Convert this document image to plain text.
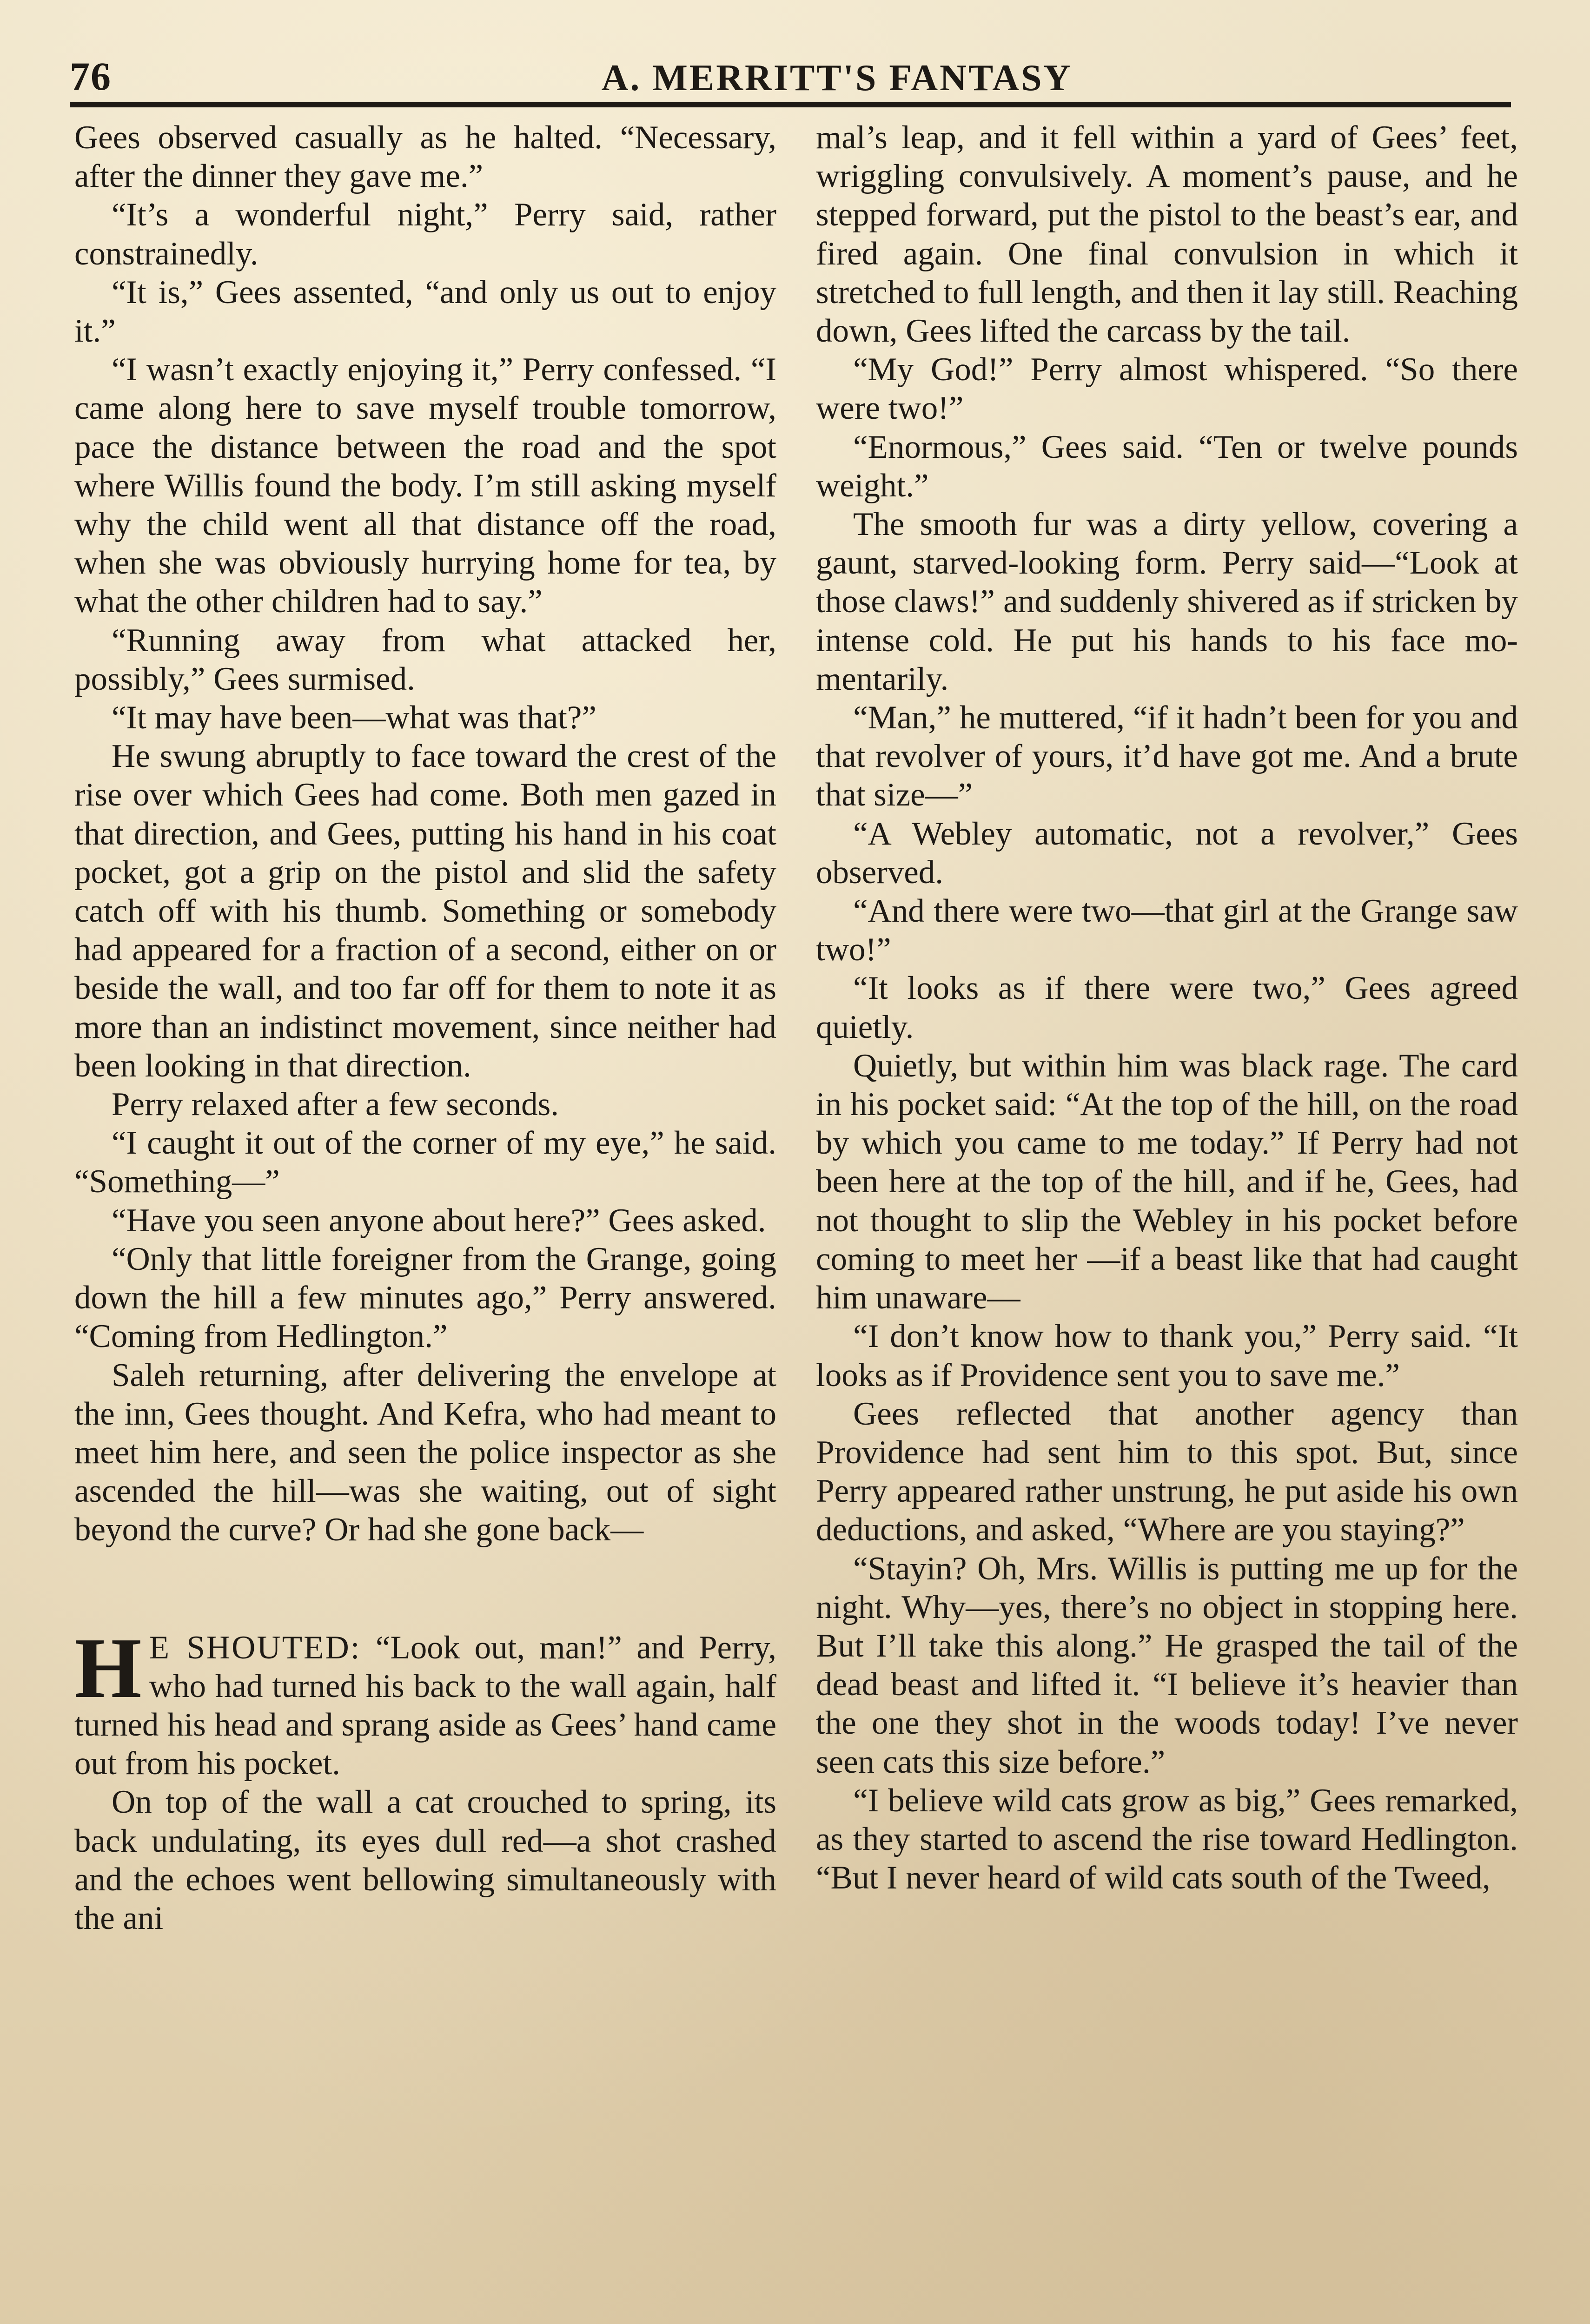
76	A. MERRITT'S FANTASY

Gees observed casually as he halted. “Necessary, after the dinner they gave me.”

“It’s a wonderful night,” Perry said, rather constrainedly.

“It is,” Gees assented, “and only us out to enjoy it.”

“I wasn’t exactly enjoying it,” Perry confessed. “I came along here to save myself trouble tomorrow, pace the distance between the road and the spot where Willis found the body. I’m still asking myself why the child went all that distance off the road, when she was obviously hurrying home for tea, by what the other children had to say.”

“Running away from what attacked her, possibly,” Gees surmised.

“It may have been—what was that?”

He swung abruptly to face toward the crest of the rise over which Gees had come. Both men gazed in that direction, and Gees, putting his hand in his coat pocket, got a grip on the pistol and slid the safety catch off with his thumb. Something or somebody had appeared for a fraction of a second, either on or beside the wall, and too far off for them to note it as more than an indistinct movement, since neither had been looking in that direction.

Perry relaxed after a few seconds.

“I caught it out of the corner of my eye,” he said. “Something—”

“Have you seen anyone about here?” Gees asked.

“Only that little foreigner from the Grange, going down the hill a few minutes ago,” Perry answered. “Coming from Hedlington.”

Saleh returning, after delivering the envelope at the inn, Gees thought. And Kefra, who had meant to meet him here, and seen the police inspector as she ascended the hill—was she waiting, out of sight beyond the curve? Or had she gone back—

H E SHOUTED: “Look out, man!” and Perry, who had turned his back to the wall again, half turned his head and sprang aside as Gees’ hand came out from his pocket.

On top of the wall a cat crouched to spring, its back undulating, its eyes dull red—a shot crashed and the echoes went bellowing simultaneously with the ani

mal’s leap, and it fell within a yard of Gees’ feet, wriggling convulsively. A moment’s pause, and he stepped forward, put the pistol to the beast’s ear, and fired again. One final convulsion in which it stretched to full length, and then it lay still. Reaching down, Gees lifted the carcass by the tail.

“My God!” Perry almost whispered. “So there were two!”

“Enormous,” Gees said. “Ten or twelve pounds weight.”

The smooth fur was a dirty yellow, covering a gaunt, starved-looking form. Perry said—“Look at those claws!” and suddenly shivered as if stricken by intense cold. He put his hands to his face momentarily.

“Man,” he muttered, “if it hadn’t been for you and that revolver of yours, it’d have got me. And a brute that size—”

“A Webley automatic, not a revolver,” Gees observed.

“And there were two—that girl at the Grange saw two!”

“It looks as if there were two,” Gees agreed quietly.

Quietly, but within him was black rage. The card in his pocket said: “At the top of the hill, on the road by which you came to me today.” If Perry had not been here at the top of the hill, and if he, Gees, had not thought to slip the Webley in his pocket before coming to meet her —if a beast like that had caught him unaware—

“I don’t know how to thank you,” Perry said. “It looks as if Providence sent you to save me.”

Gees reflected that another agency than Providence had sent him to this spot. But, since Perry appeared rather unstrung, he put aside his own deductions, and asked, “Where are you staying?”

“Stayin? Oh, Mrs. Willis is putting me up for the night. Why—yes, there’s no object in stopping here. But I’ll take this along.” He grasped the tail of the dead beast and lifted it. “I believe it’s heavier than the one they shot in the woods today! I’ve never seen cats this size before.”

“I believe wild cats grow as big,” Gees remarked, as they started to ascend the rise toward Hedlington. “But I never heard of wild cats south of the Tweed,
